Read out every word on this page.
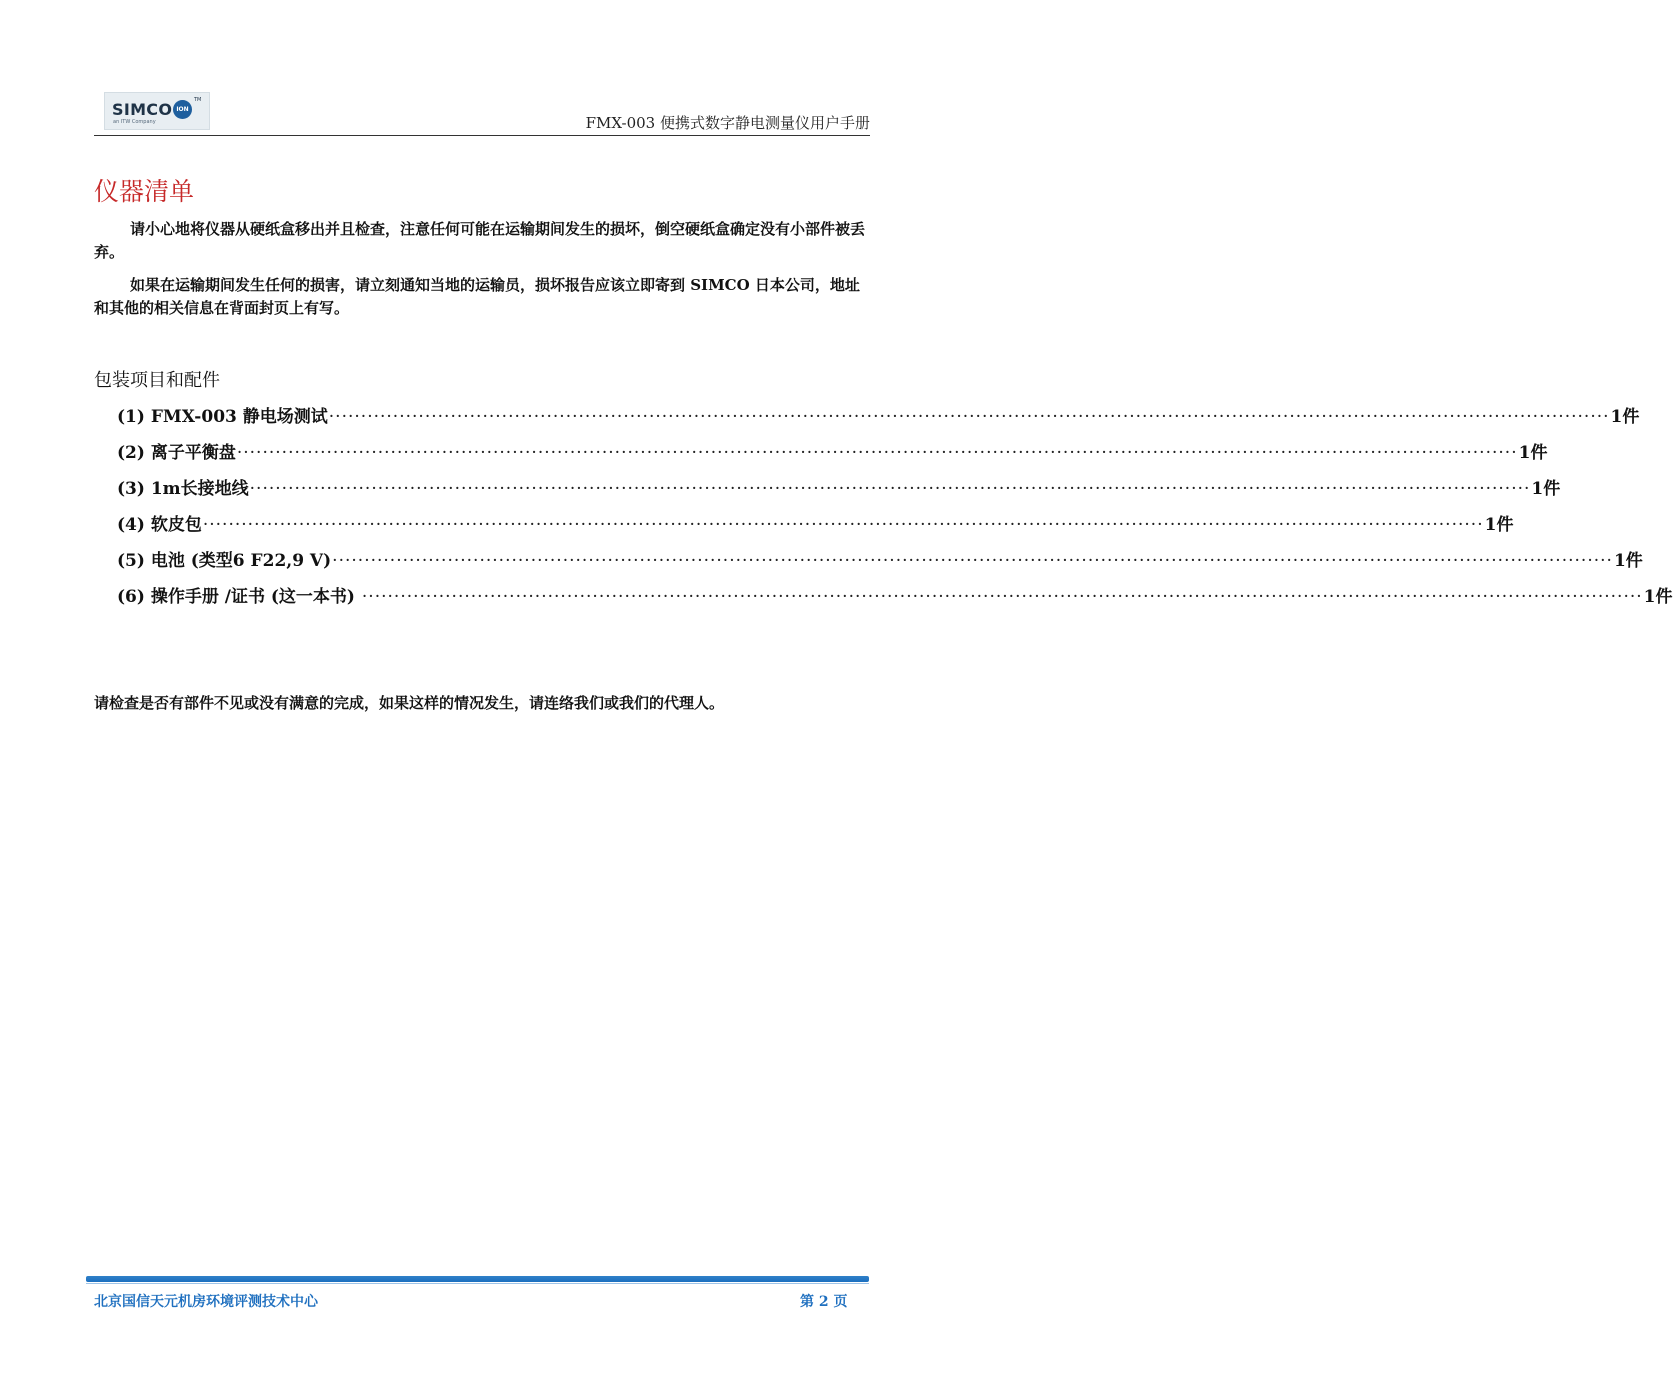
SIMCO ION
TM
an ITW Company	FMX-003 便携式数字静电测量仪用户手册
仪器清单

请小心地将仪器从硬纸盒移出并且检查，注意任何可能在运输期间发生的损坏，倒空硬纸盒确定没有小部件被丢弃。

如果在运输期间发生任何的损害，请立刻通知当地的运输员，损坏报告应该立即寄到 SIMCO 日本公司，地址和其他的相关信息在背面封页上有写。

包装项目和配件
(1) FMX-003 静电场测试 ········································································································································································································ 1件
(2) 离子平衡盘 ········································································································································································································ 1件
(3) 1m长接地线 ········································································································································································································ 1件
(4) 软皮包 ········································································································································································································ 1件
(5) 电池 (类型6 F22,9 V) ········································································································································································································ 1件
(6) 操作手册 /证书 (这一本书) ········································································································································································································ 1件
请检查是否有部件不见或没有满意的完成，如果这样的情况发生，请连络我们或我们的代理人。
北京国信天元机房环境评测技术中心	第 2 页
